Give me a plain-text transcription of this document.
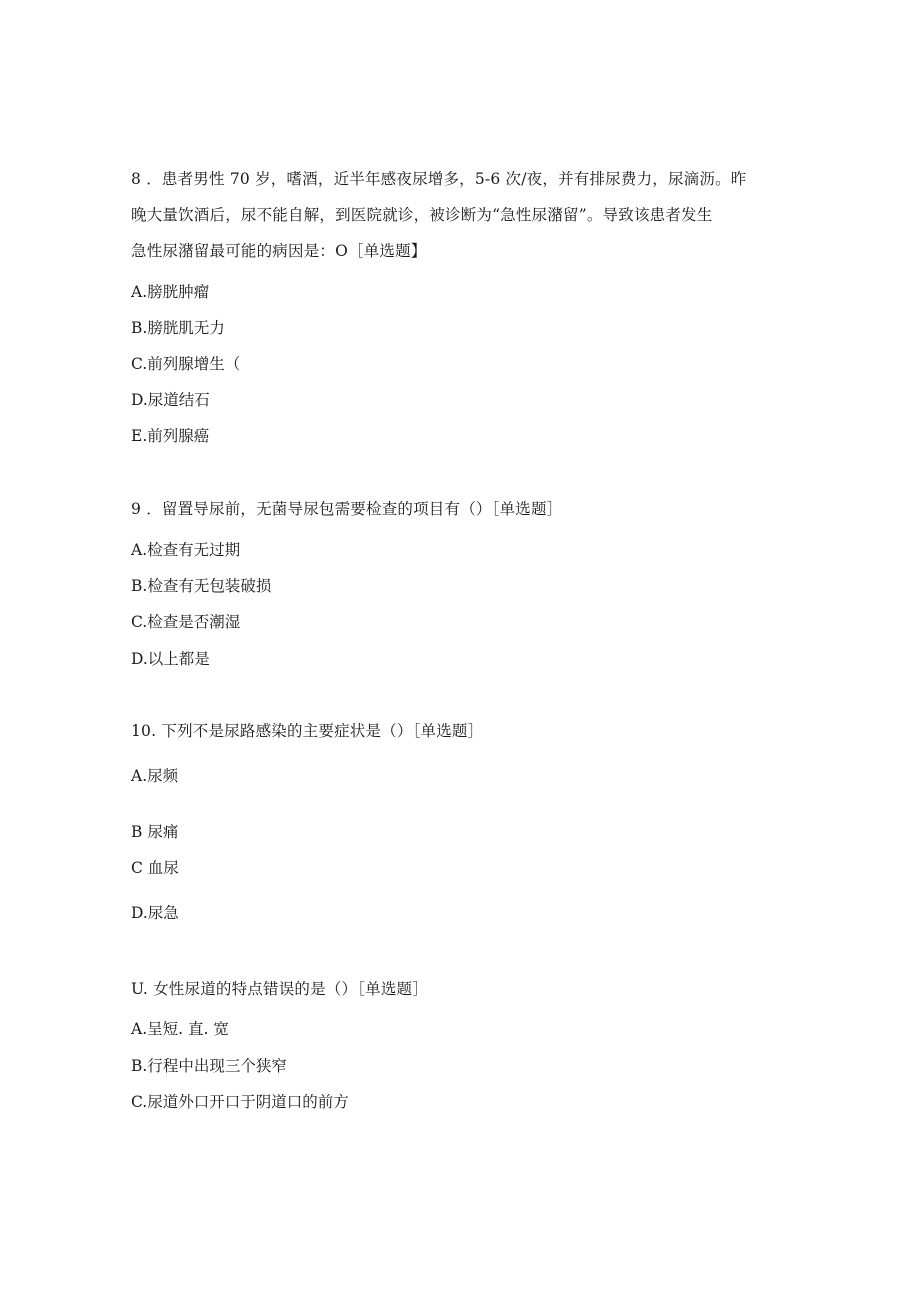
8 ．患者男性 70 岁，嗜酒，近半年感夜尿增多，5-6 次/夜，并有排尿费力，尿滴沥。昨
晚大量饮酒后，尿不能自解，到医院就诊，被诊断为“急性尿潴留”。导致该患者发生
急性尿潴留最可能的病因是：O［单选题】
A.膀胱肿瘤
B.膀胱肌无力
C.前列腺增生（
D.尿道结石
E.前列腺癌
9 ．留置导尿前，无菌导尿包需要检查的项目有（）［单选题］
A.检查有无过期
B.检查有无包装破损
C.检查是否潮湿
D.以上都是
10. 下列不是尿路感染的主要症状是（）［单选题］
A.尿频
B 尿痛
C 血尿
D.尿急
U. 女性尿道的特点错误的是（）［单选题］
A.呈短. 直. 宽
B.行程中出现三个狭窄
C.尿道外口开口于阴道口的前方
